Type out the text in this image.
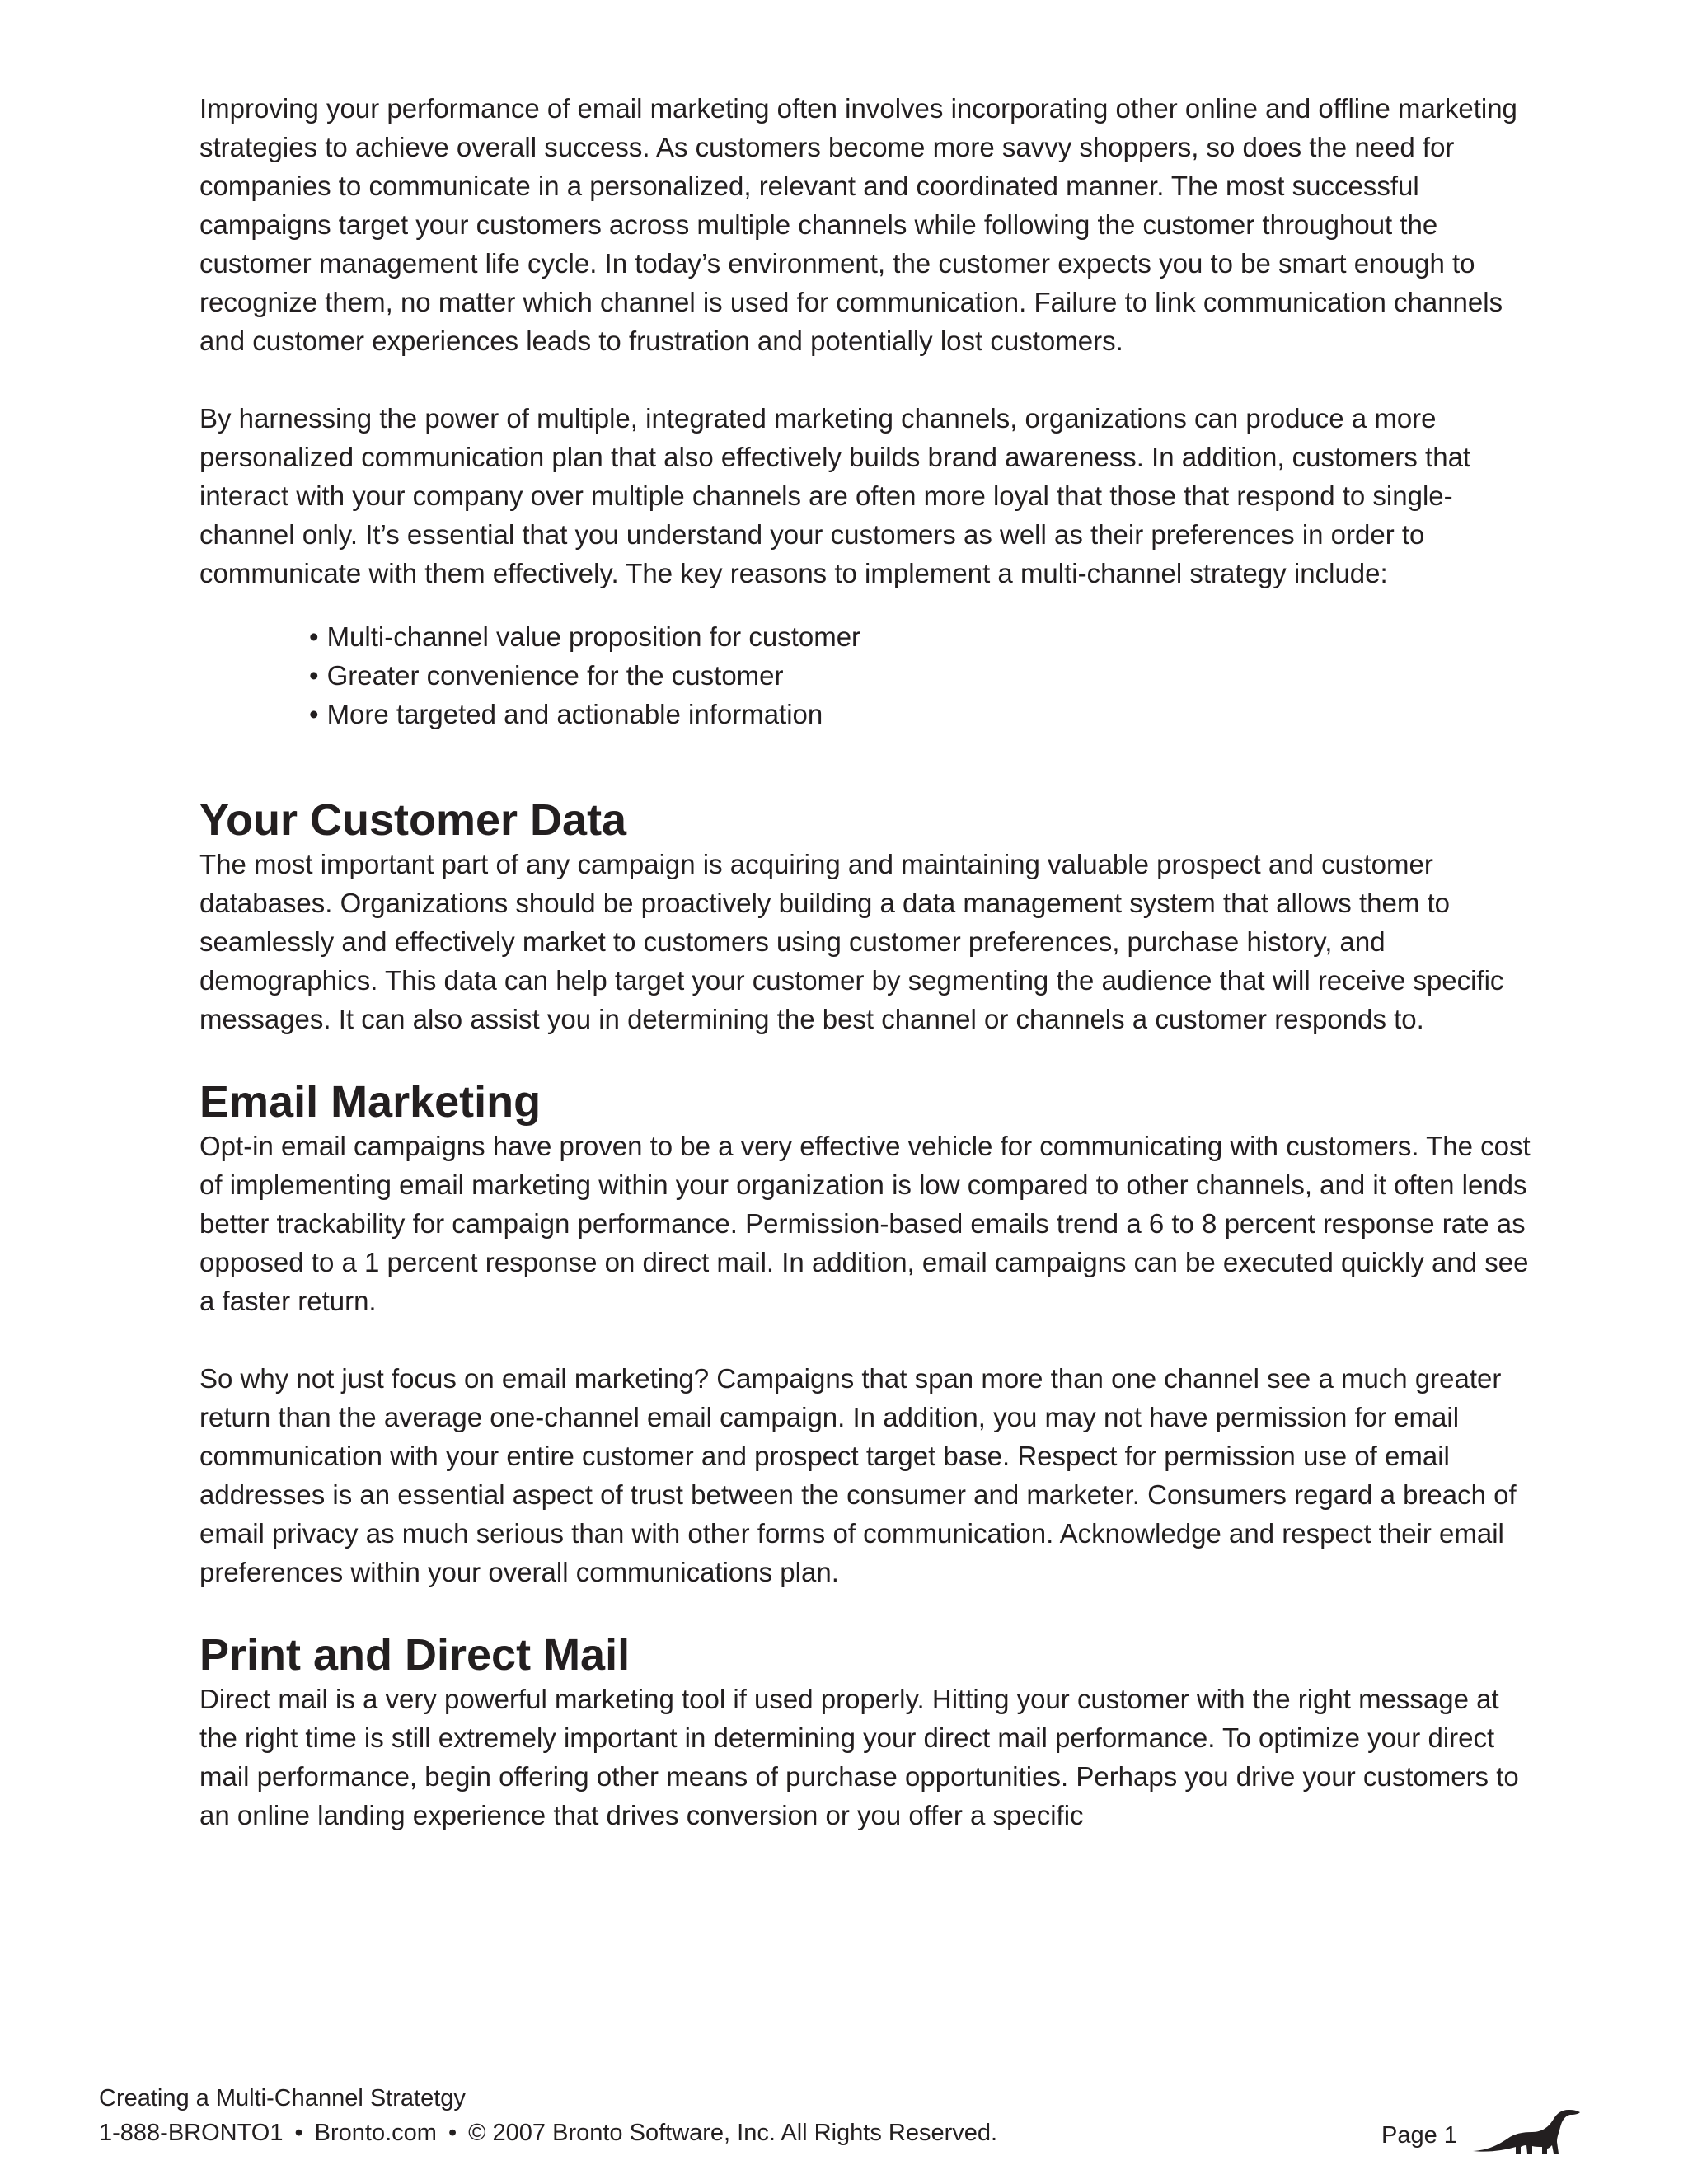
Improving your performance of email marketing often involves incorporating other online and offline marketing strategies to achieve overall success. As customers become more savvy shoppers, so does the need for companies to communicate in a personalized, relevant and coordinated manner. The most successful campaigns target your customers across multiple channels while following the customer throughout the customer management life cycle. In today’s environment, the customer expects you to be smart enough to recognize them, no matter which channel is used for communication. Failure to link communication channels and customer experiences leads to frustration and potentially lost customers.

By harnessing the power of multiple, integrated marketing channels, organizations can produce a more personalized communication plan that also effectively builds brand awareness. In addition, customers that interact with your company over multiple channels are often more loyal that those that respond to single-channel only. It’s essential that you understand your customers as well as their preferences in order to communicate with them effectively. The key reasons to implement a multi-channel strategy include:

• Multi-channel value proposition for customer
• Greater convenience for the customer
• More targeted and actionable information
Your Customer Data

The most important part of any campaign is acquiring and maintaining valuable prospect and customer databases. Organizations should be proactively building a data management system that allows them to seamlessly and effectively market to customers using customer preferences, purchase history, and demographics. This data can help target your customer by segmenting the audience that will receive specific messages. It can also assist you in determining the best channel or channels a customer responds to.

Email Marketing

Opt-in email campaigns have proven to be a very effective vehicle for communicating with customers. The cost of implementing email marketing within your organization is low compared to other channels, and it often lends better trackability for campaign performance. Permission-based emails trend a 6 to 8 percent response rate as opposed to a 1 percent response on direct mail. In addition, email campaigns can be executed quickly and see a faster return.

So why not just focus on email marketing? Campaigns that span more than one channel see a much greater return than the average one-channel email campaign. In addition, you may not have permission for email communication with your entire customer and prospect target base. Respect for permission use of email addresses is an essential aspect of trust between the consumer and marketer. Consumers regard a breach of email privacy as much serious than with other forms of communication. Acknowledge and respect their email preferences within your overall communications plan.

Print and Direct Mail

Direct mail is a very powerful marketing tool if used properly. Hitting your customer with the right message at the right time is still extremely important in determining your direct mail performance. To optimize your direct mail performance, begin offering other means of purchase opportunities. Perhaps you drive your customers to an online landing experience that drives conversion or you offer a specific

Creating a Multi-Channel Stratetgy
1-888-BRONTO1 • Bronto.com • © 2007 Bronto Software, Inc. All Rights Reserved.	Page 1
